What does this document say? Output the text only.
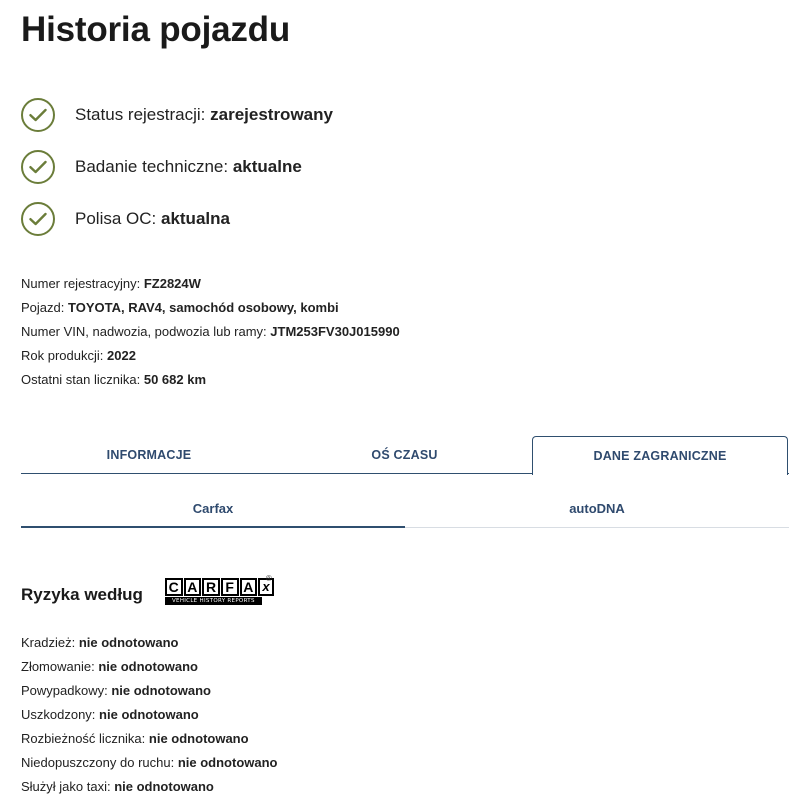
Historia pojazdu
Status rejestracji:
zarejestrowany
Badanie techniczne:
aktualne
Polisa OC:
aktualna
Numer rejestracyjny: FZ2824W
Pojazd: TOYOTA, RAV4, samochód osobowy, kombi
Numer VIN, nadwozia, podwozia lub ramy: JTM253FV30J015990
Rok produkcji: 2022
Ostatni stan licznika: 50 682 km
INFORMACJE	OŚ CZASU	DANE ZAGRANICZNE
Carfax	autoDNA
Ryzyka według C A R F A x
VEHICLE HISTORY REPORTS
®
Kradzież: nie odnotowano
Złomowanie: nie odnotowano
Powypadkowy: nie odnotowano
Uszkodzony: nie odnotowano
Rozbieżność licznika: nie odnotowano
Niedopuszczony do ruchu: nie odnotowano
Służył jako taxi: nie odnotowano
